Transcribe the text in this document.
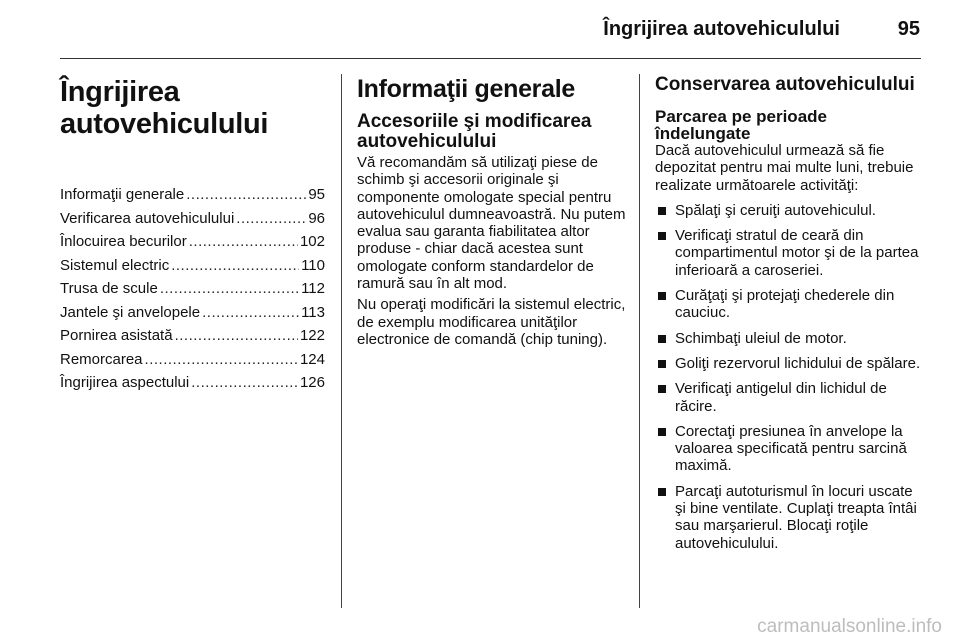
Îngrijirea autovehiculului	95
Îngrijirea
autovehiculului
Informaţii generale .....	95
Verificarea autovehiculului .....	96
Înlocuirea becurilor .....	102
Sistemul electric .....	110
Trusa de scule .....	112
Jantele şi anvelopele .....	113
Pornirea asistată .....	122
Remorcarea .....	124
Îngrijirea aspectului .....	126
Informaţii generale
Accesoriile şi modificarea
autovehiculului

Vă recomandăm să utilizaţi piese de schimb şi accesorii originale şi componente omologate special pentru autovehiculul dumneavoastră. Nu putem evalua sau garanta fiabilitatea altor produse - chiar dacă acestea sunt omologate conform standardelor de ramură sau în alt mod.

Nu operaţi modificări la sistemul electric, de exemplu modificarea unităţilor electronice de comandă (chip tuning).

Conservarea autovehiculului
Parcarea pe perioade
îndelungate
Dacă autovehiculul urmează să fie depozitat pentru mai multe luni, trebuie realizate următoarele activităţi:
Spălaţi şi ceruiţi autovehiculul.
Verificaţi stratul de ceară din compartimentul motor şi de la partea inferioară a caroseriei.
Curăţaţi şi protejaţi chederele din cauciuc.
Schimbaţi uleiul de motor.
Goliţi rezervorul lichidului de spălare.
Verificaţi antigelul din lichidul de răcire.
Corectaţi presiunea în anvelope la valoarea specificată pentru sarcină maximă.
Parcaţi autoturismul în locuri uscate şi bine ventilate. Cuplaţi treapta întâi sau marşarierul. Blocaţi roţile autovehiculului.
carmanualsonline.info
